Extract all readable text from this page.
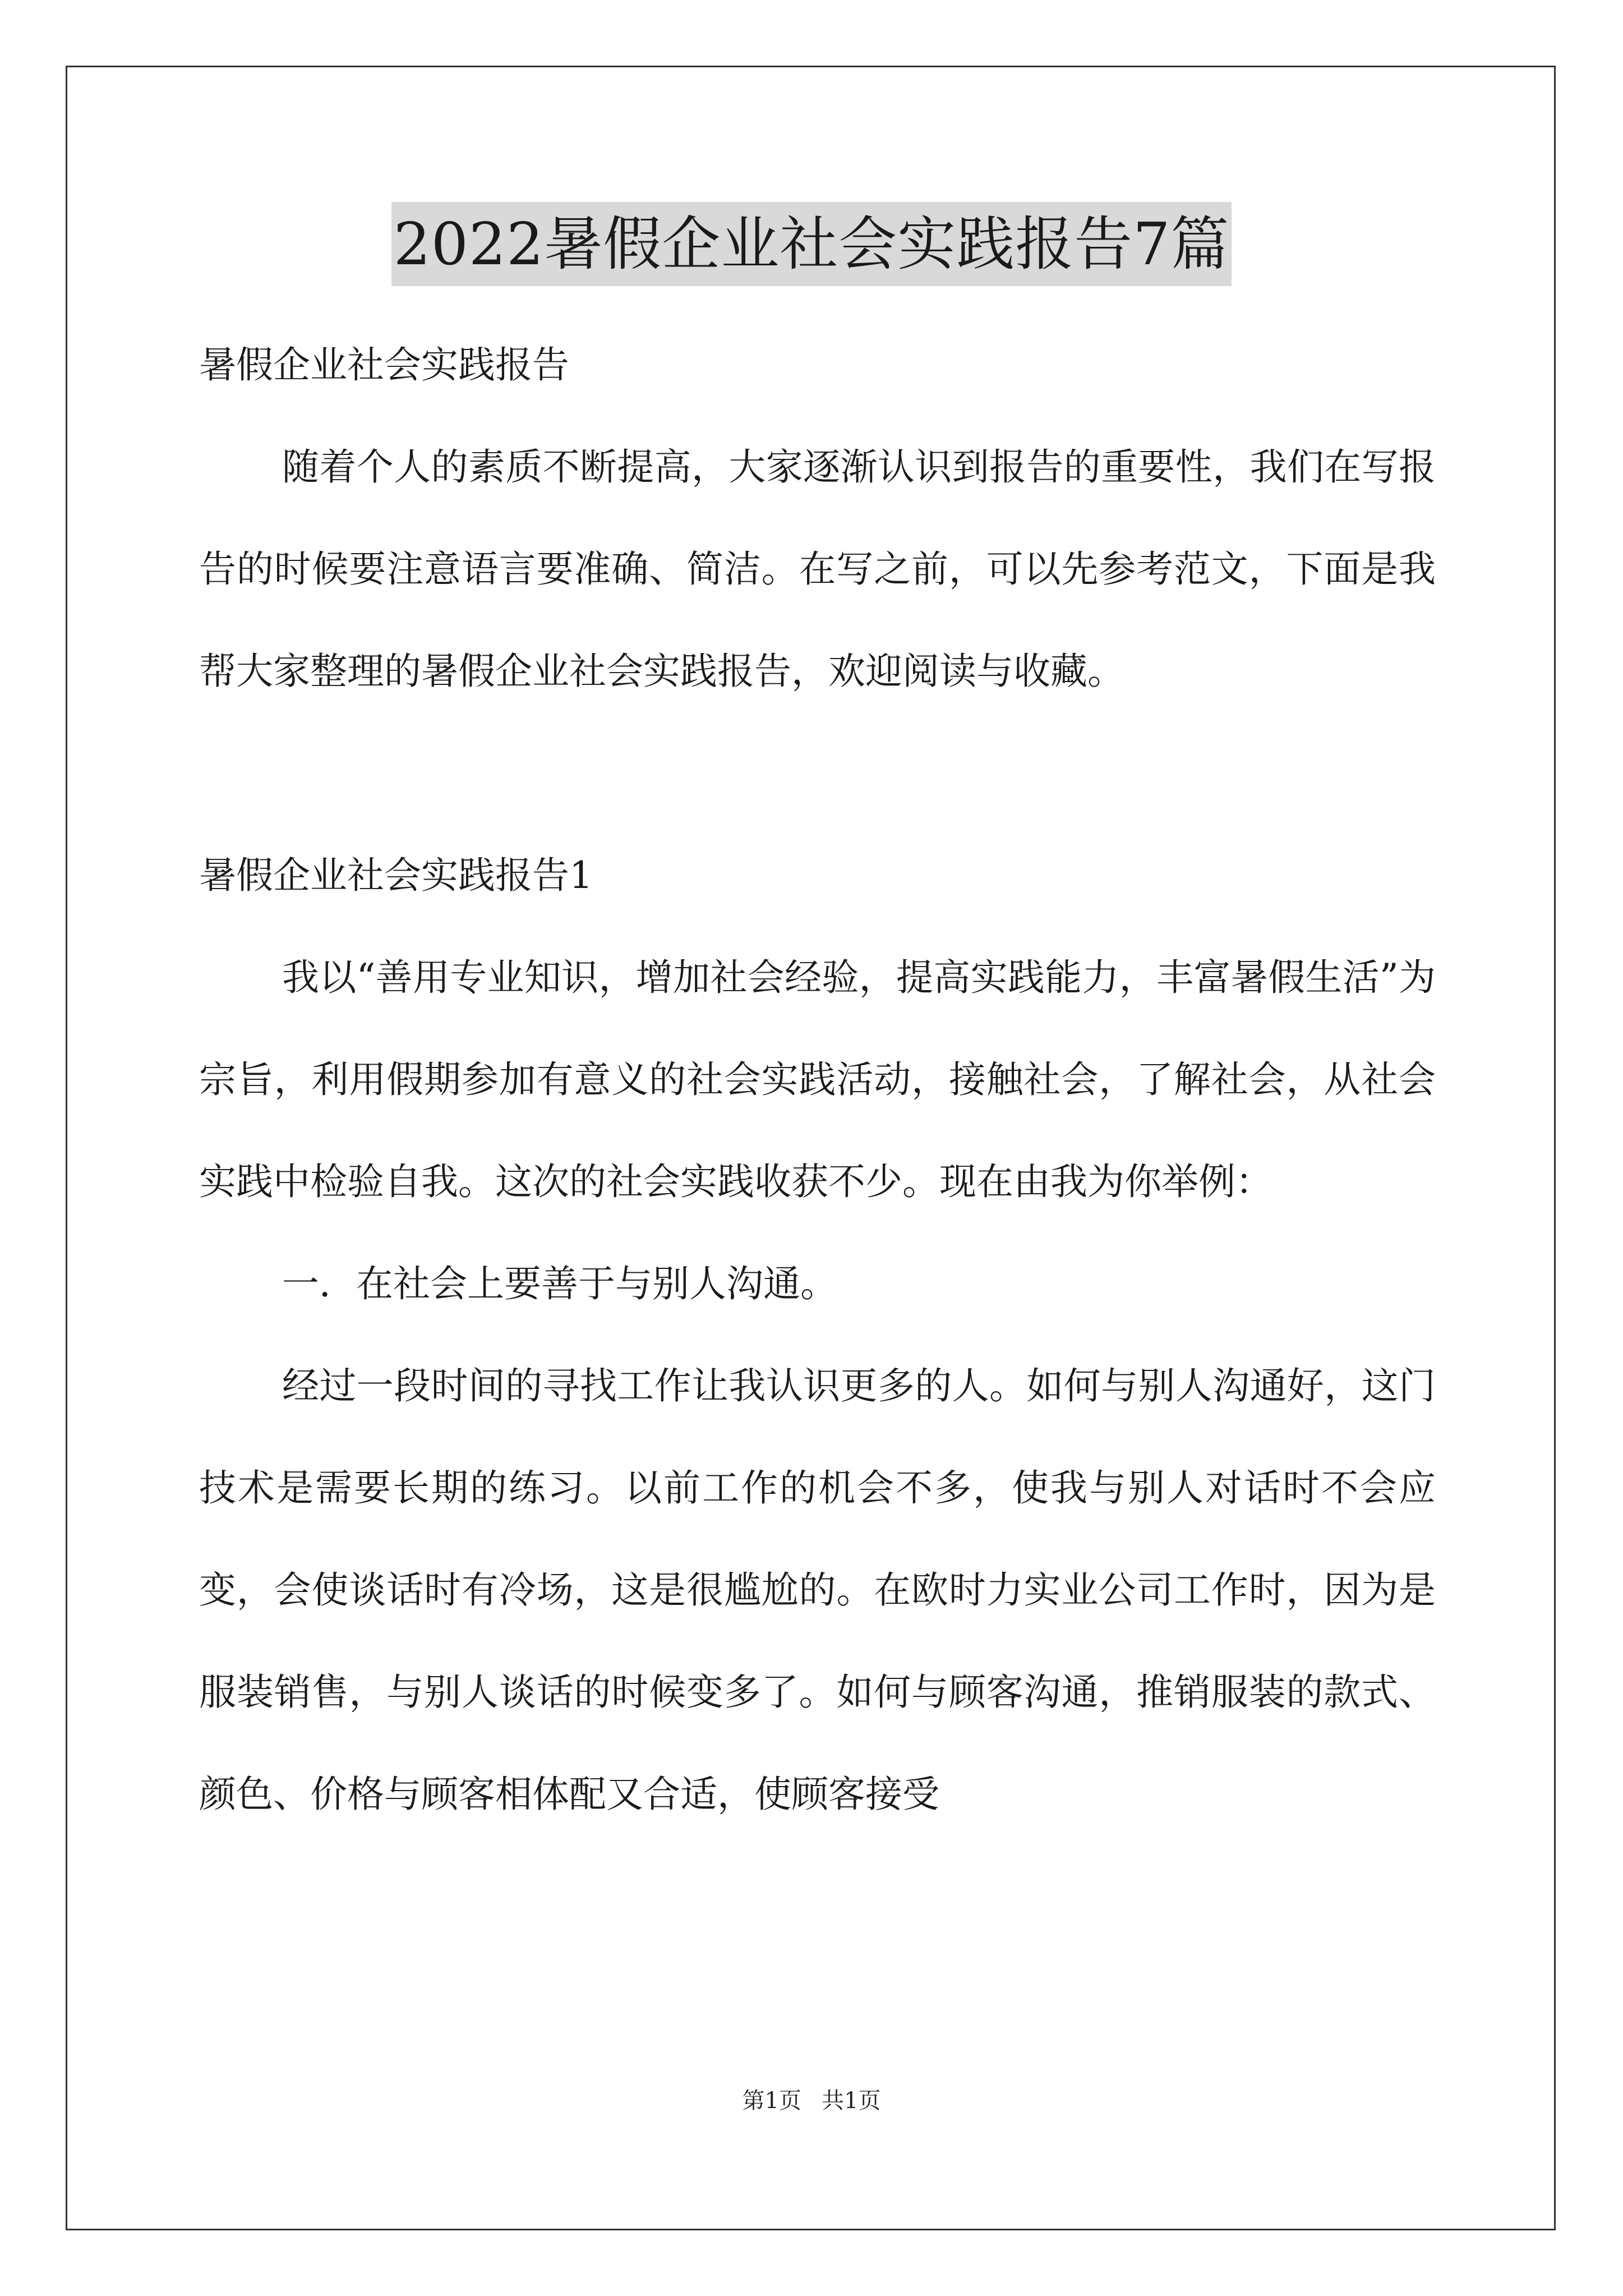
2022暑假企业社会实践报告7篇

暑假企业社会实践报告

随着个人的素质不断提高，大家逐渐认识到报告的重要性，我们在写报告的时候要注意语言要准确、简洁。在写之前，可以先参考范文，下面是我帮大家整理的暑假企业社会实践报告，欢迎阅读与收藏。

暑假企业社会实践报告1

我以“善用专业知识，增加社会经验，提高实践能力，丰富暑假生活”为宗旨，利用假期参加有意义的社会实践活动，接触社会，了解社会，从社会实践中检验自我。这次的社会实践收获不少。现在由我为你举例：

一．在社会上要善于与别人沟通。

经过一段时间的寻找工作让我认识更多的人。如何与别人沟通好，这门技术是需要长期的练习。以前工作的机会不多，使我与别人对话时不会应变，会使谈话时有冷场，这是很尴尬的。在欧时力实业公司工作时，因为是服装销售，与别人谈话的时候变多了。如何与顾客沟通，推销服装的款式、颜色、价格与顾客相体配又合适，使顾客接受

第1页 共1页
